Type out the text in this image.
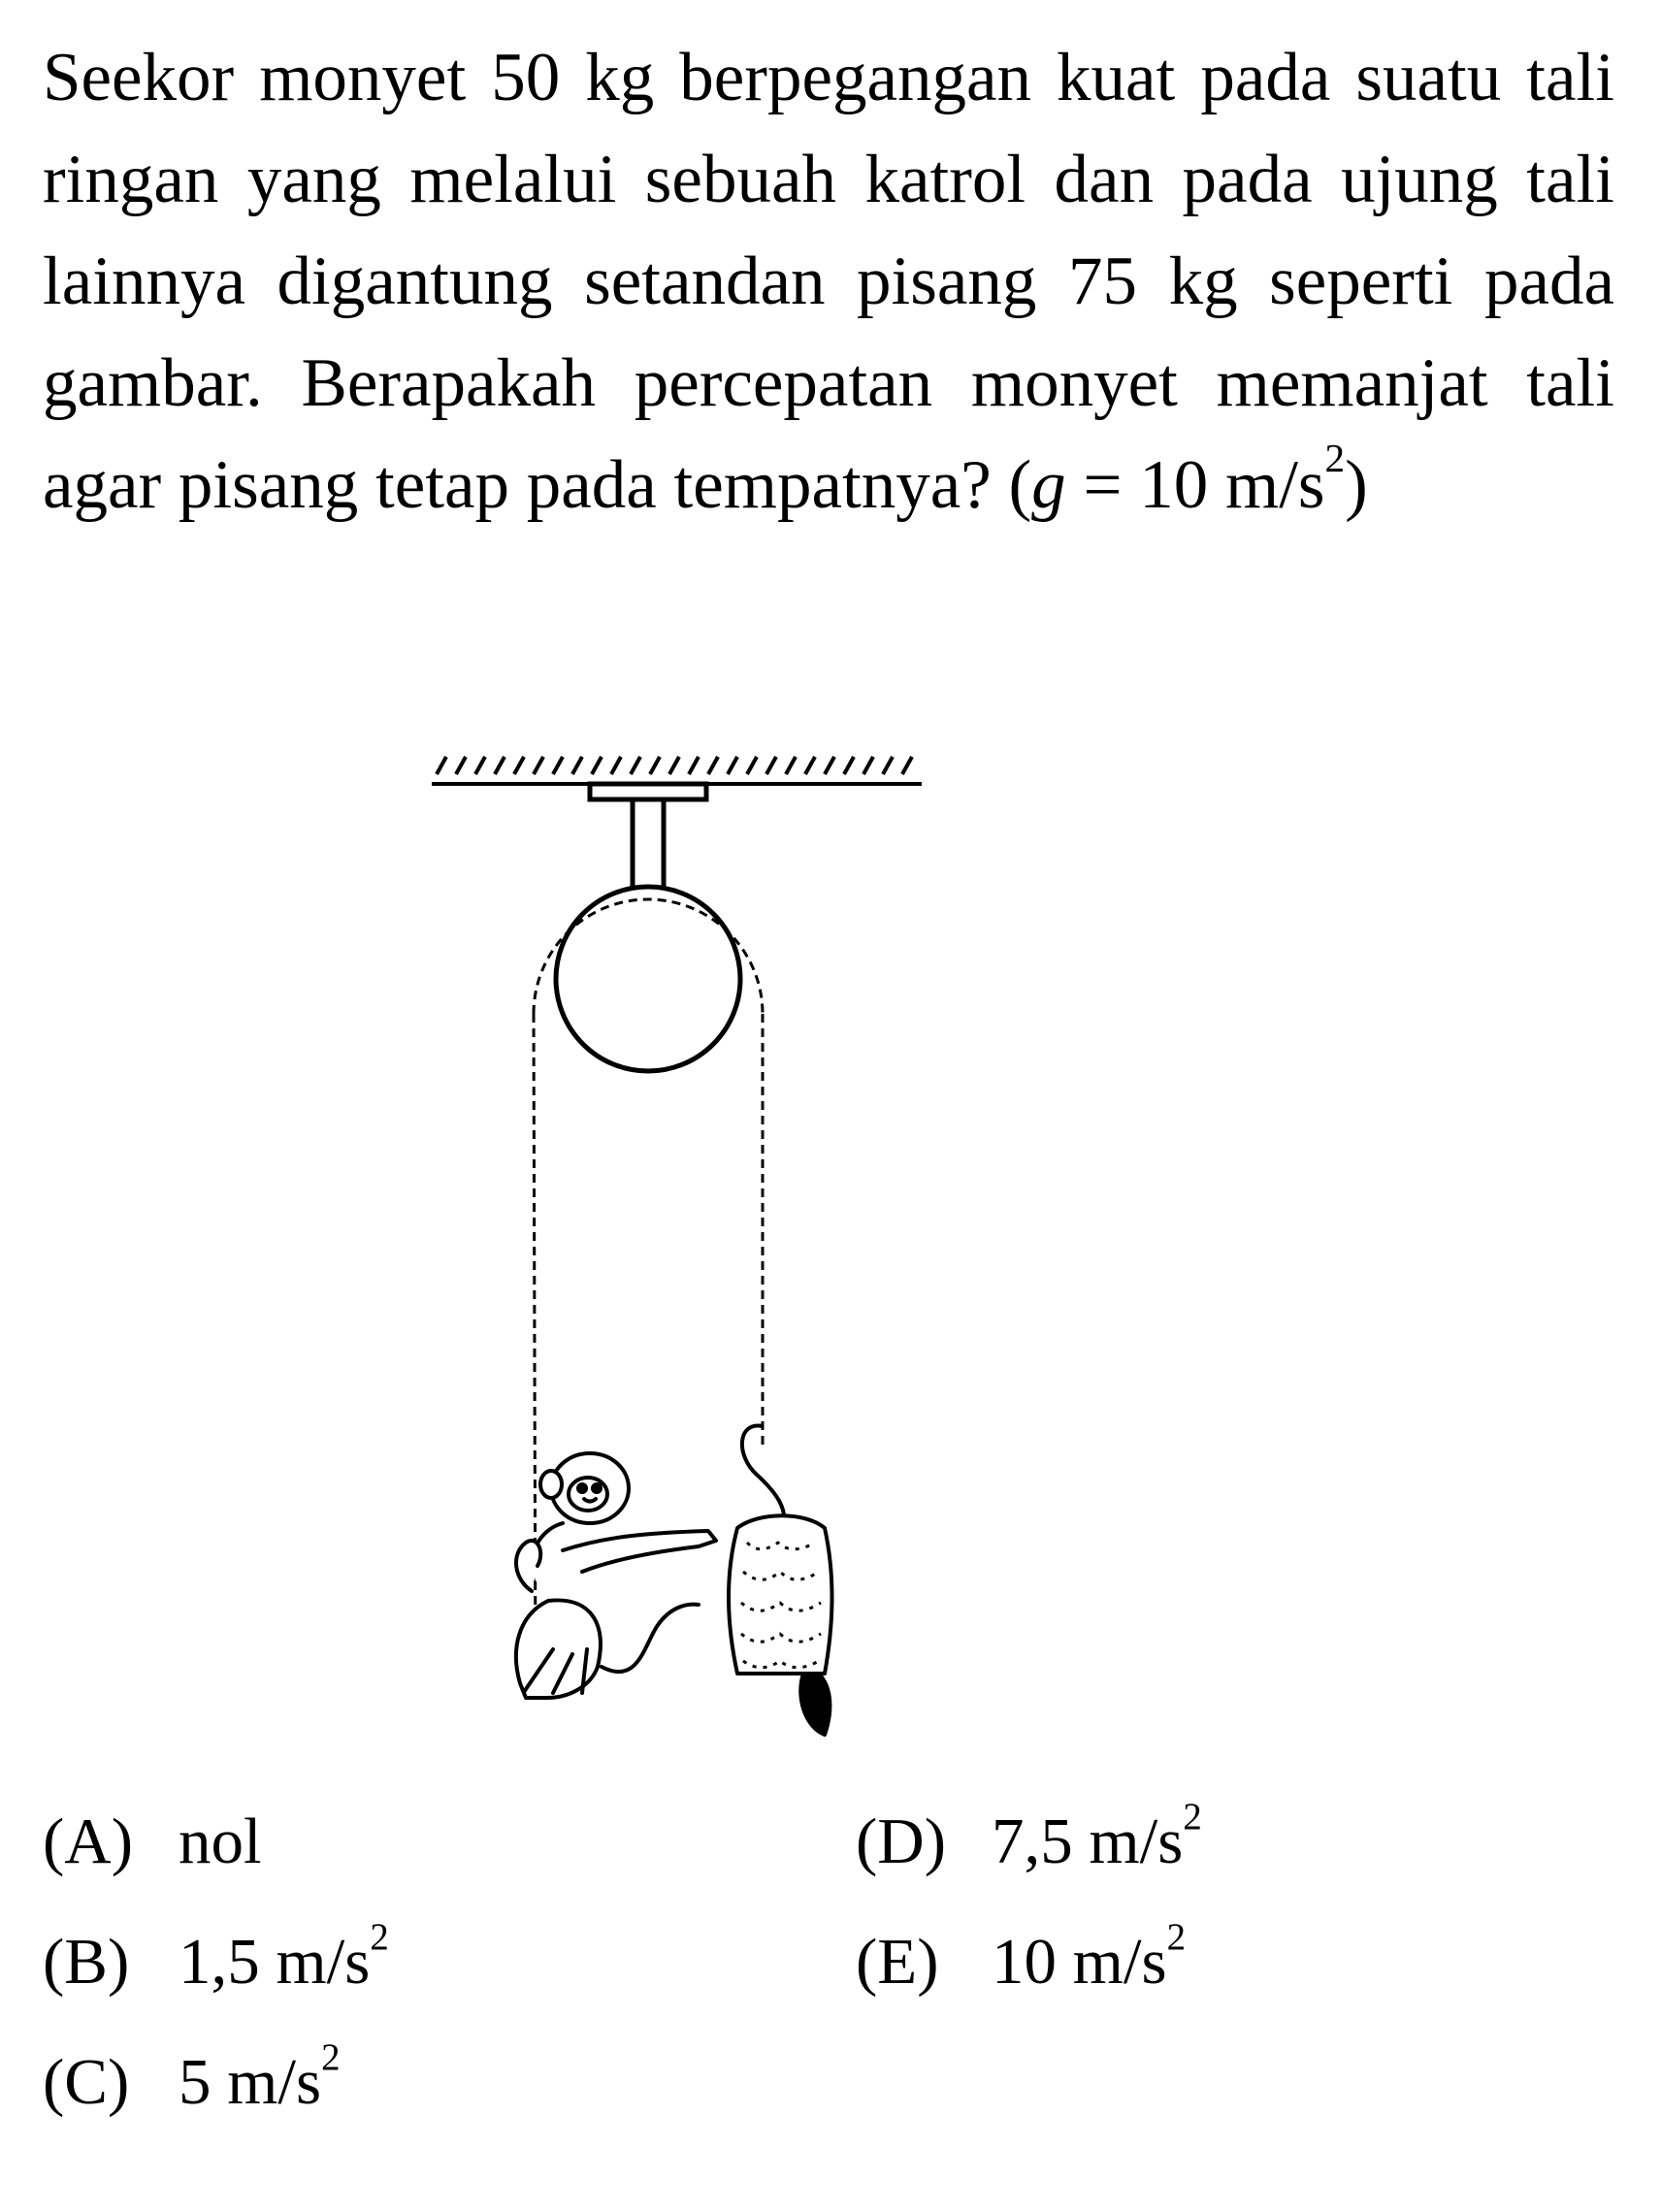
Seekor monyet 50 kg berpegangan kuat pada suatu tali ringan yang melalui sebuah katrol dan pada ujung tali lainnya digantung setandan pisang 75 kg seperti pada gambar. Berapakah percepatan monyet memanjat tali agar pisang tetap pada tempatnya? (g = 10 $m/s^2$)
(A) nol
(B) 1,5 $m/s^2$
(C) 5 $m/s^2$
(D) 7,5 $m/s^2$
(E) 10 $m/s^2$
